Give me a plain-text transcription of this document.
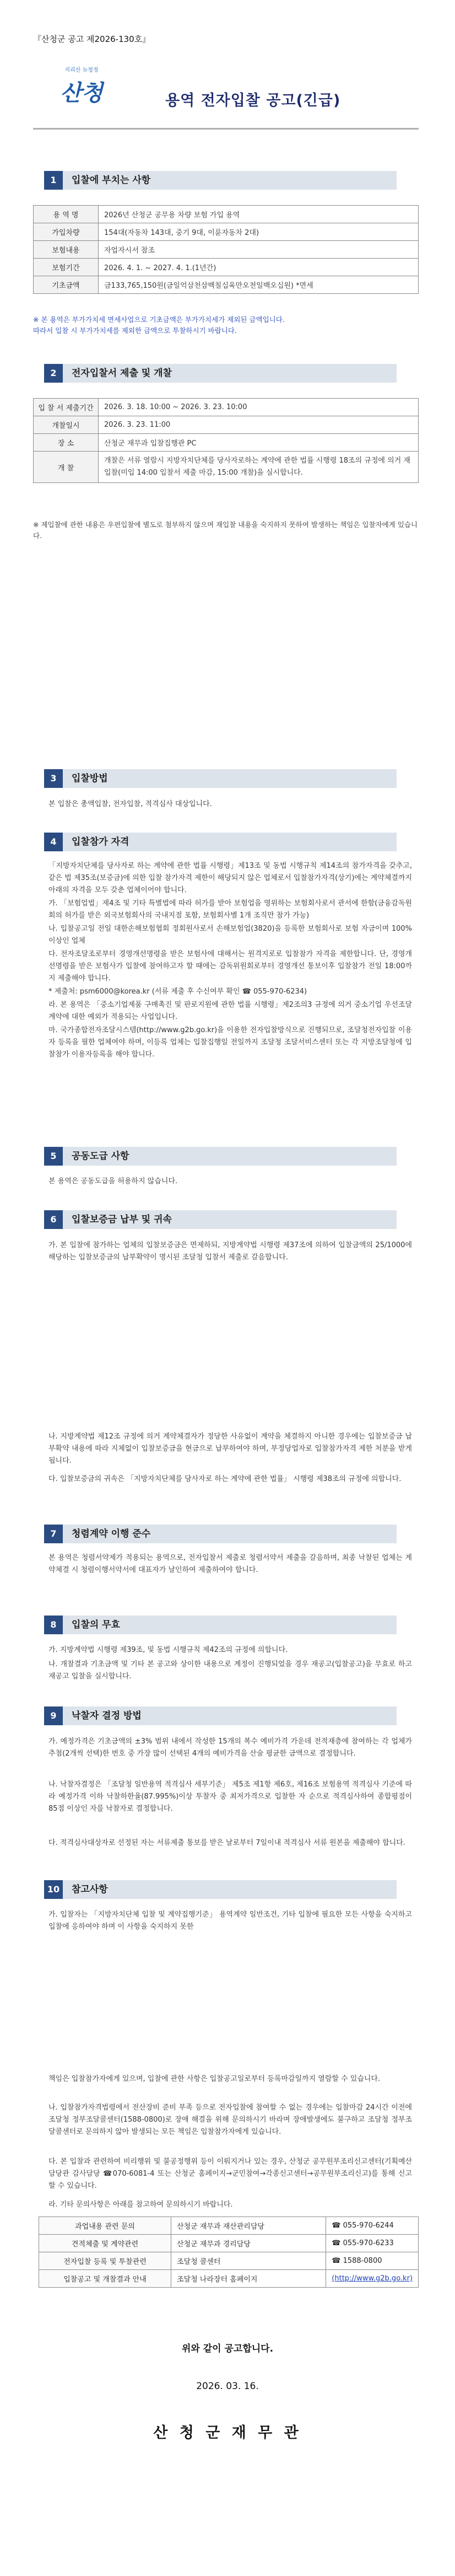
『산청군 공고 제2026-130호』
지리산 뉴청정
산청	용역 전자입찰 공고(긴급)
1	입찰에 부치는 사항
용 역 명	2026년 산청군 공무용 차량 보험 가입 용역
가입차량	154대(자동차 143대, 중기 9대, 이륜자동차 2대)
보험내용	자업자시서 참조
보험기간	2026. 4. 1. ~ 2027. 4. 1.(1년간)
기초금액	금133,765,150원(금일억삼천삼백칠십육만오천일백오십원) *면세
※ 본 용역은 부가가치세 면세사업으로 기초금액은 부가가치세가 제외된 금액입니다.
따라서 입찰 시 부가가치세를 제외한 금액으로 투찰하시기 바랍니다.
2	전자입찰서 제출 및 개찰
입 찰 서 제출기간	2026. 3. 18. 10:00 ~ 2026. 3. 23. 10:00
개찰일시	2026. 3. 23. 11:00
장 소	산청군 재무과 입찰집행관 PC
개 찰	개찰은 서류 열람시 지방자치단체를 당사자로하는 계약에 관한 법률 시행령 18조의 규정에 의거 재입찰(미입 14:00 입찰서 제출 마감, 15:00 개찰)을 실시합니다.
※ 제입찰에 관한 내용은 우편입찰에 별도로 첨부하지 않으며 재입찰 내용을 숙지하지 못하여 발생하는 책임은 입찰자에게 있습니다.
3	입찰방법
본 입찰은 총액입찰, 전자입찰, 적격심사 대상입니다.
4	입찰참가 자격

「지방자치단체를 당사자로 하는 계약에 관한 법률 시행령」제13조 및 동법 시행규칙 제14조의 참가자격을 갖추고, 같은 법 제35조(보증금)에 의한 입찰 참가자격 제한이 해당되지 않은 업체로서 입찰참가자격(상기)에는 계약체결까지 아래의 자격을 모두 갖춘 업체이어야 합니다.

가. 「보험업법」제4조 및 기타 특별법에 따라 허가를 받아 보험업을 영위하는 보험회사로서 관서에 한함(금융감독원회의 허가를 받은 외국보험회사의 국내지점 포함, 보험회사별 1개 조직만 참가 가능)

나. 입찰공고일 전일 대한손해보험협회 정회원사로서 손해보험업(3820)을 등록한 보험회사로 보험 자금이며 100% 이상인 업체

다. 전자조달조로부터 경영개선명령을 받은 보험사에 대해서는 원격지로로 입찰참가 자격을 제한합니다. 단, 경영개선명령을 받은 보험사가 입찰에 참여하고자 할 때에는 감독위원회로부터 경영개선 통보이후 입찰참가 전일 18:00까지 제출해야 합니다.

* 제출처: psm6000@korea.kr (서류 제출 후 수신여부 확인 ☎ 055-970-6234)

라. 본 용역은 「중소기업제품 구매촉진 및 판로지원에 관한 법률 시행령」제2조의3 규정에 의거 중소기업 우선조달계약에 대한 예외가 적용되는 사업입니다.

마. 국가종합전자조달시스템(http://www.g2b.go.kr)을 이용한 전자입찰방식으로 진행되므로, 조달청전자입찰 이용자 등록을 필한 업체여야 하며, 이등록 업체는 입찰집행일 전일까지 조달청 조달서비스센터 또는 각 지방조달청에 입찰참가 이용자등록을 해야 합니다.

5	공동도급 사항
본 용역은 공동도급을 허용하지 않습니다.
6	입찰보증금 납부 및 귀속
가. 본 입찰에 참가하는 업체의 입찰보증금은 면제하되, 지방계약법 시행령 제37조에 의하여 입찰금액의 25/1000에 해당하는 입찰보증금의 납부확약이 명시된 조달청 입찰서 제출로 갈음합니다.
나. 지방계약법 제12조 규정에 의거 계약체결자가 정당한 사유없이 계약을 체결하지 아니한 경우에는 입찰보증금 납부확약 내용에 따라 지체없이 입찰보증금을 현금으로 납부하여야 하며, 부정당업자로 입찰참가자격 제한 처분을 받게 됩니다.
다. 입찰보증금의 귀속은 「지방자치단체를 당사자로 하는 계약에 관한 법률」 시행령 제38조의 규정에 의합니다.
7	청렴계약 이행 준수
본 용역은 청렴서약제가 적용되는 용역으로, 전자입찰서 제출로 청렴서약서 제출을 갈음하며, 최종 낙찰된 업체는 계약체결 시 청렴이행서약서에 대표자가 날인하여 제출하여야 합니다.
8	입찰의 무효
가. 지방계약법 시행령 제39조, 및 동법 시행규칙 제42조의 규정에 의합니다.
나. 개찰결과 기초금액 및 기타 본 공고와 상이한 내용으로 계정이 진행되었을 경우 재공고(입찰공고)을 무효로 하고 재공고 입찰을 실시합니다.
9	낙찰자 결정 방법
가. 예정가격은 기초금액의 ±3% 범위 내에서 작성한 15개의 복수 예비가격 가운데 전적재층에 참여하는 각 업체가 추첨(2개씩 선택)한 번호 중 가장 많이 선택된 4개의 예비가격을 산술 평균한 금액으로 결정합니다.
나. 낙찰자결정은 「조달청 일반용역 적격심사 세부기준」 제5조 제1항 제6호, 제16조 보험용역 적격심사 기준에 따라 예정가격 이하 낙찰하한율(87.995%)이상 투찰자 중 최저가격으로 입찰한 자 순으로 적격심사하여 종합평점이 85점 이상인 자를 낙찰자로 결정합니다.
다. 적격심사대상자로 선정된 자는 서류제출 통보를 받은 날로부터 7일이내 적격심사 서류 원본을 제출해야 합니다.
10	참고사항
가. 입찰자는 「지방자치단체 입찰 및 계약집행기준」 용역계약 일반조건, 기타 입찰에 필요한 모든 사항을 숙지하고 입찰에 응하여야 하며 이 사항을 숙지하지 못한
책임은 입찰참가자에게 있으며, 입찰에 관한 사항은 입찰공고일로부터 등록마감일까지 열람할 수 있습니다.
나. 입찰참가자격법령에서 전산장비 준비 부족 등으로 전자입찰에 참여할 수 없는 경우에는 입찰마감 24시간 이전에 조달청 정부조달콜센터(1588-0800)로 장애 해결을 위해 문의하시기 바라며 장애발생에도 불구하고 조달청 정부조달콜센터로 문의하지 않아 발생되는 모든 책임은 입찰참가자에게 있습니다.
다. 본 입찰과 관련하여 비리행위 및 불공정행위 등이 이뤄지거나 있는 경우, 산청군 공무원부조리신고센터(기획예산담당관 감사담당 ☎070-6081-4 또는 산청군 홈페이지→군민참여→각종신고센터→공무원부조리신고)를 통해 신고할 수 있습니다.
라. 기타 문의사항은 아래를 참고하여 문의하시기 바랍니다.
과업내용 관련 문의	산청군 재무과 재산관리담당	☎ 055-970-6244
견적체출 및 계약관련	산청군 재무과 경리담당	☎ 055-970-6233
전자입찰 등록 및 투찰관련	조달청 콜센터	☎ 1588-0800
입찰공고 및 개찰결과 안내	조달청 나라장터 홈페이지	(http://www.g2b.go.kr)
위와 같이 공고합니다.
2026. 03. 16.
산 청 군 재 무 관
